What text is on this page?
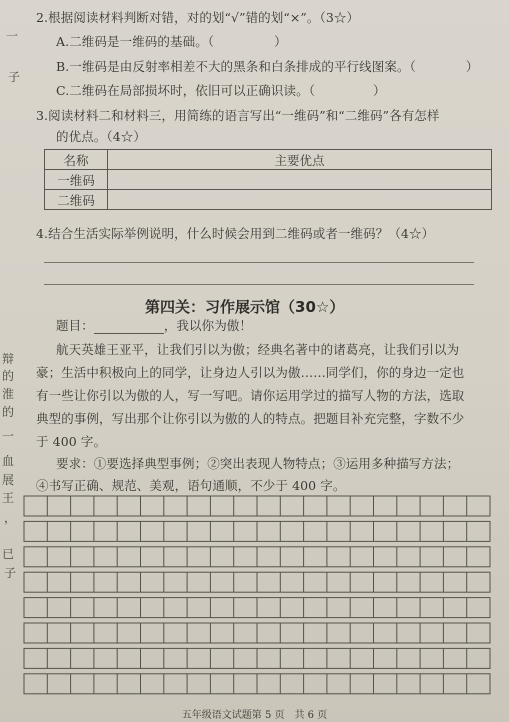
一
子
辩
的
淮
的
一
血
展
王
，
已
子
2.根据阅读材料判断对错，对的划“√”错的划“×”。（3☆）
A.二维码是一维码的基础。（	）
B.一维码是由反射率相差不大的黑条和白条排成的平行线图案。（	）
C.二维码在局部损坏时，依旧可以正确识读。（	）
3.阅读材料二和材料三，用简练的语言写出“一维码”和“二维码”各有怎样
的优点。（4☆）
名称	主要优点
一维码	
二维码	
4.结合生活实际举例说明，什么时候会用到二维码或者一维码？（4☆）
第四关：习作展示馆（30☆）
题目：	，我以你为傲！
航天英雄王亚平，让我们引以为傲；经典名著中的诸葛亮，让我们引以为
豪；生活中积极向上的同学，让身边人引以为傲……同学们，你的身边一定也
有一些让你引以为傲的人，写一写吧。请你运用学过的描写人物的方法，选取
典型的事例，写出那个让你引以为傲的人的特点。把题目补充完整，字数不少
于 400 字。
要求：①要选择典型事例；②突出表现人物特点；③运用多种描写方法；
④书写正确、规范、美观，语句通顺，不少于 400 字。
五年级语文试题第 5 页　共 6 页
